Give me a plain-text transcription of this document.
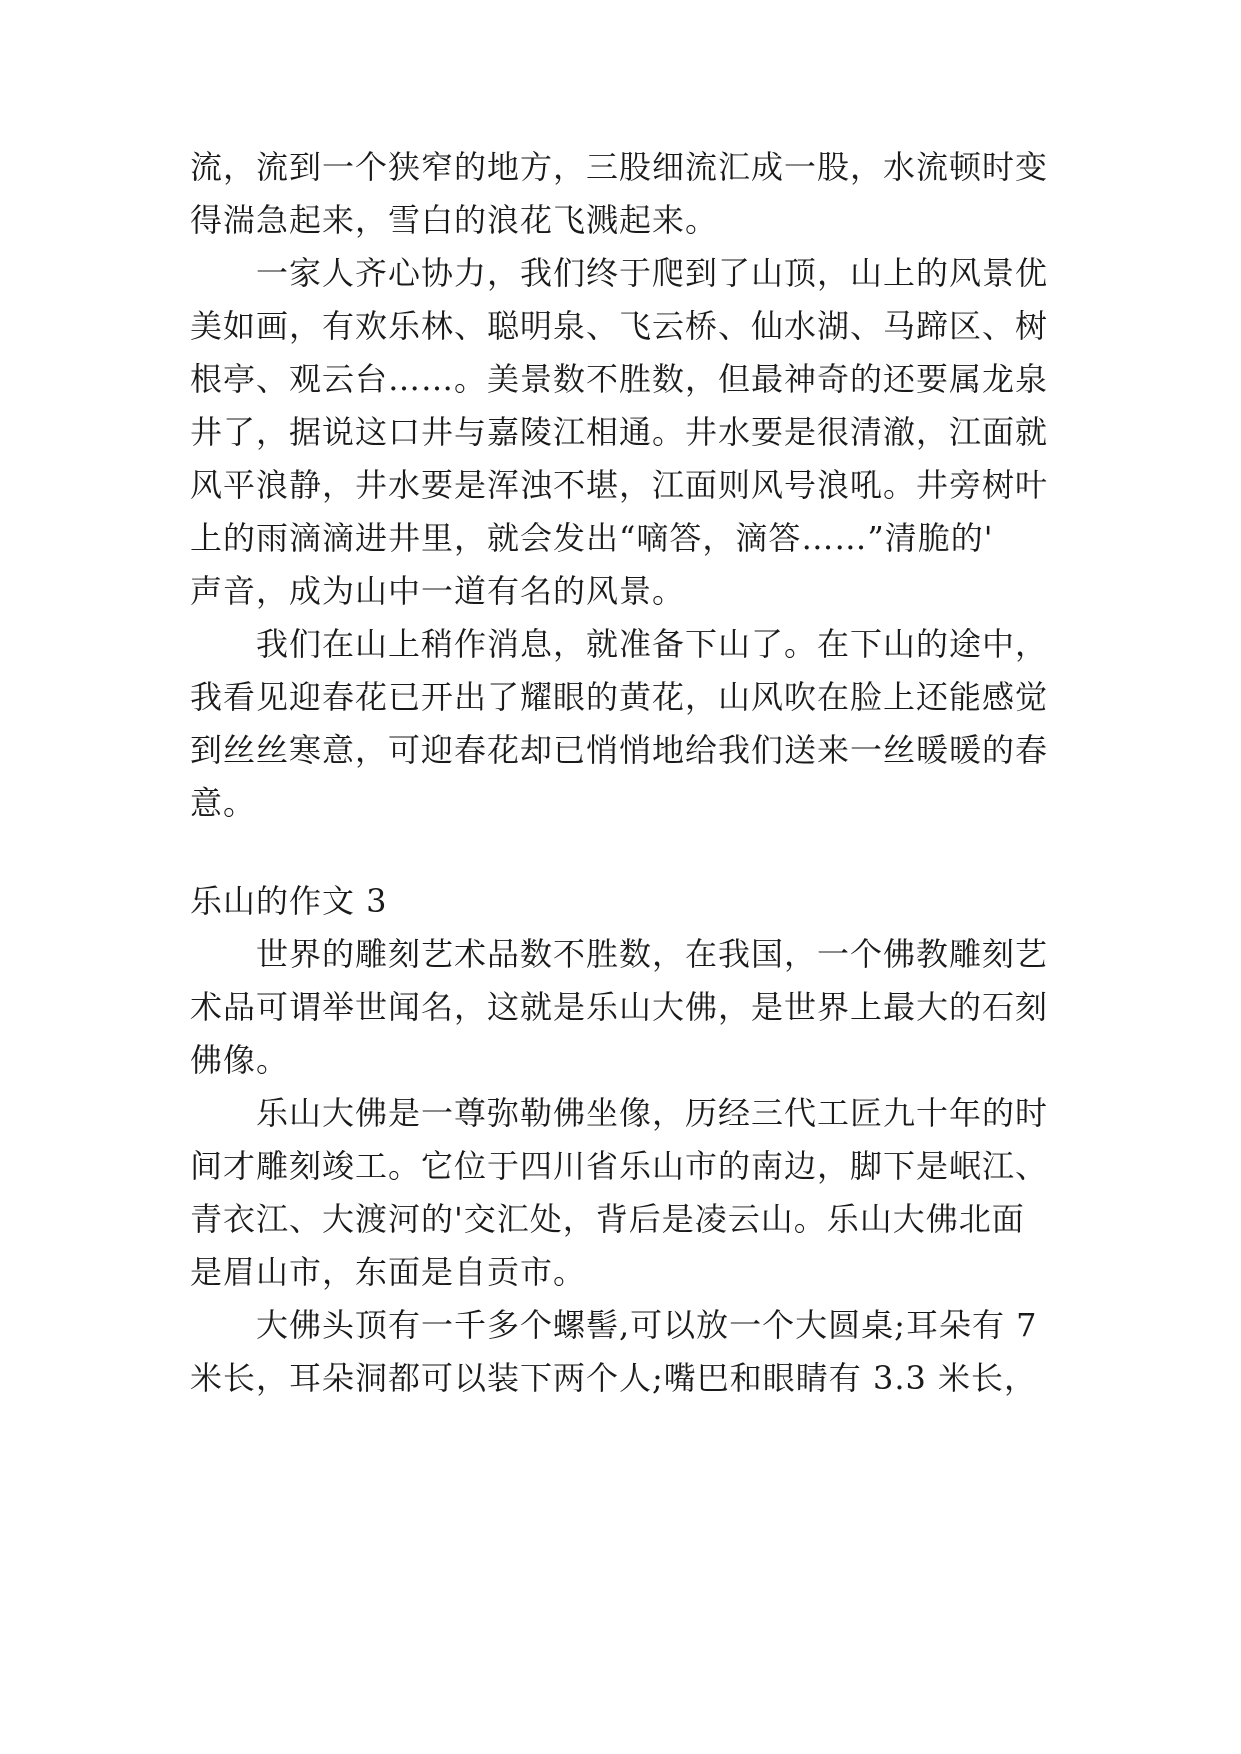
流，流到一个狭窄的地方，三股细流汇成一股，水流顿时变
得湍急起来，雪白的浪花飞溅起来。
　　一家人齐心协力，我们终于爬到了山顶，山上的风景优
美如画，有欢乐林、聪明泉、飞云桥、仙水湖、马蹄区、树
根亭、观云台……。美景数不胜数，但最神奇的还要属龙泉
井了，据说这口井与嘉陵江相通。井水要是很清澈，江面就
风平浪静，井水要是浑浊不堪，江面则风号浪吼。井旁树叶
上的雨滴滴进井里，就会发出“嘀答，滴答……”清脆的'
声音，成为山中一道有名的风景。
　　我们在山上稍作消息，就准备下山了。在下山的途中，
我看见迎春花已开出了耀眼的黄花，山风吹在脸上还能感觉
到丝丝寒意，可迎春花却已悄悄地给我们送来一丝暖暖的春
意。
乐山的作文 3
　　世界的雕刻艺术品数不胜数，在我国，一个佛教雕刻艺
术品可谓举世闻名，这就是乐山大佛，是世界上最大的石刻
佛像。
　　乐山大佛是一尊弥勒佛坐像，历经三代工匠九十年的时
间才雕刻竣工。它位于四川省乐山市的南边，脚下是岷江、
青衣江、大渡河的'交汇处，背后是凌云山。乐山大佛北面
是眉山市，东面是自贡市。
　　大佛头顶有一千多个螺髻,可以放一个大圆桌;耳朵有 7
米长，耳朵洞都可以装下两个人;嘴巴和眼睛有 3.3 米长，
